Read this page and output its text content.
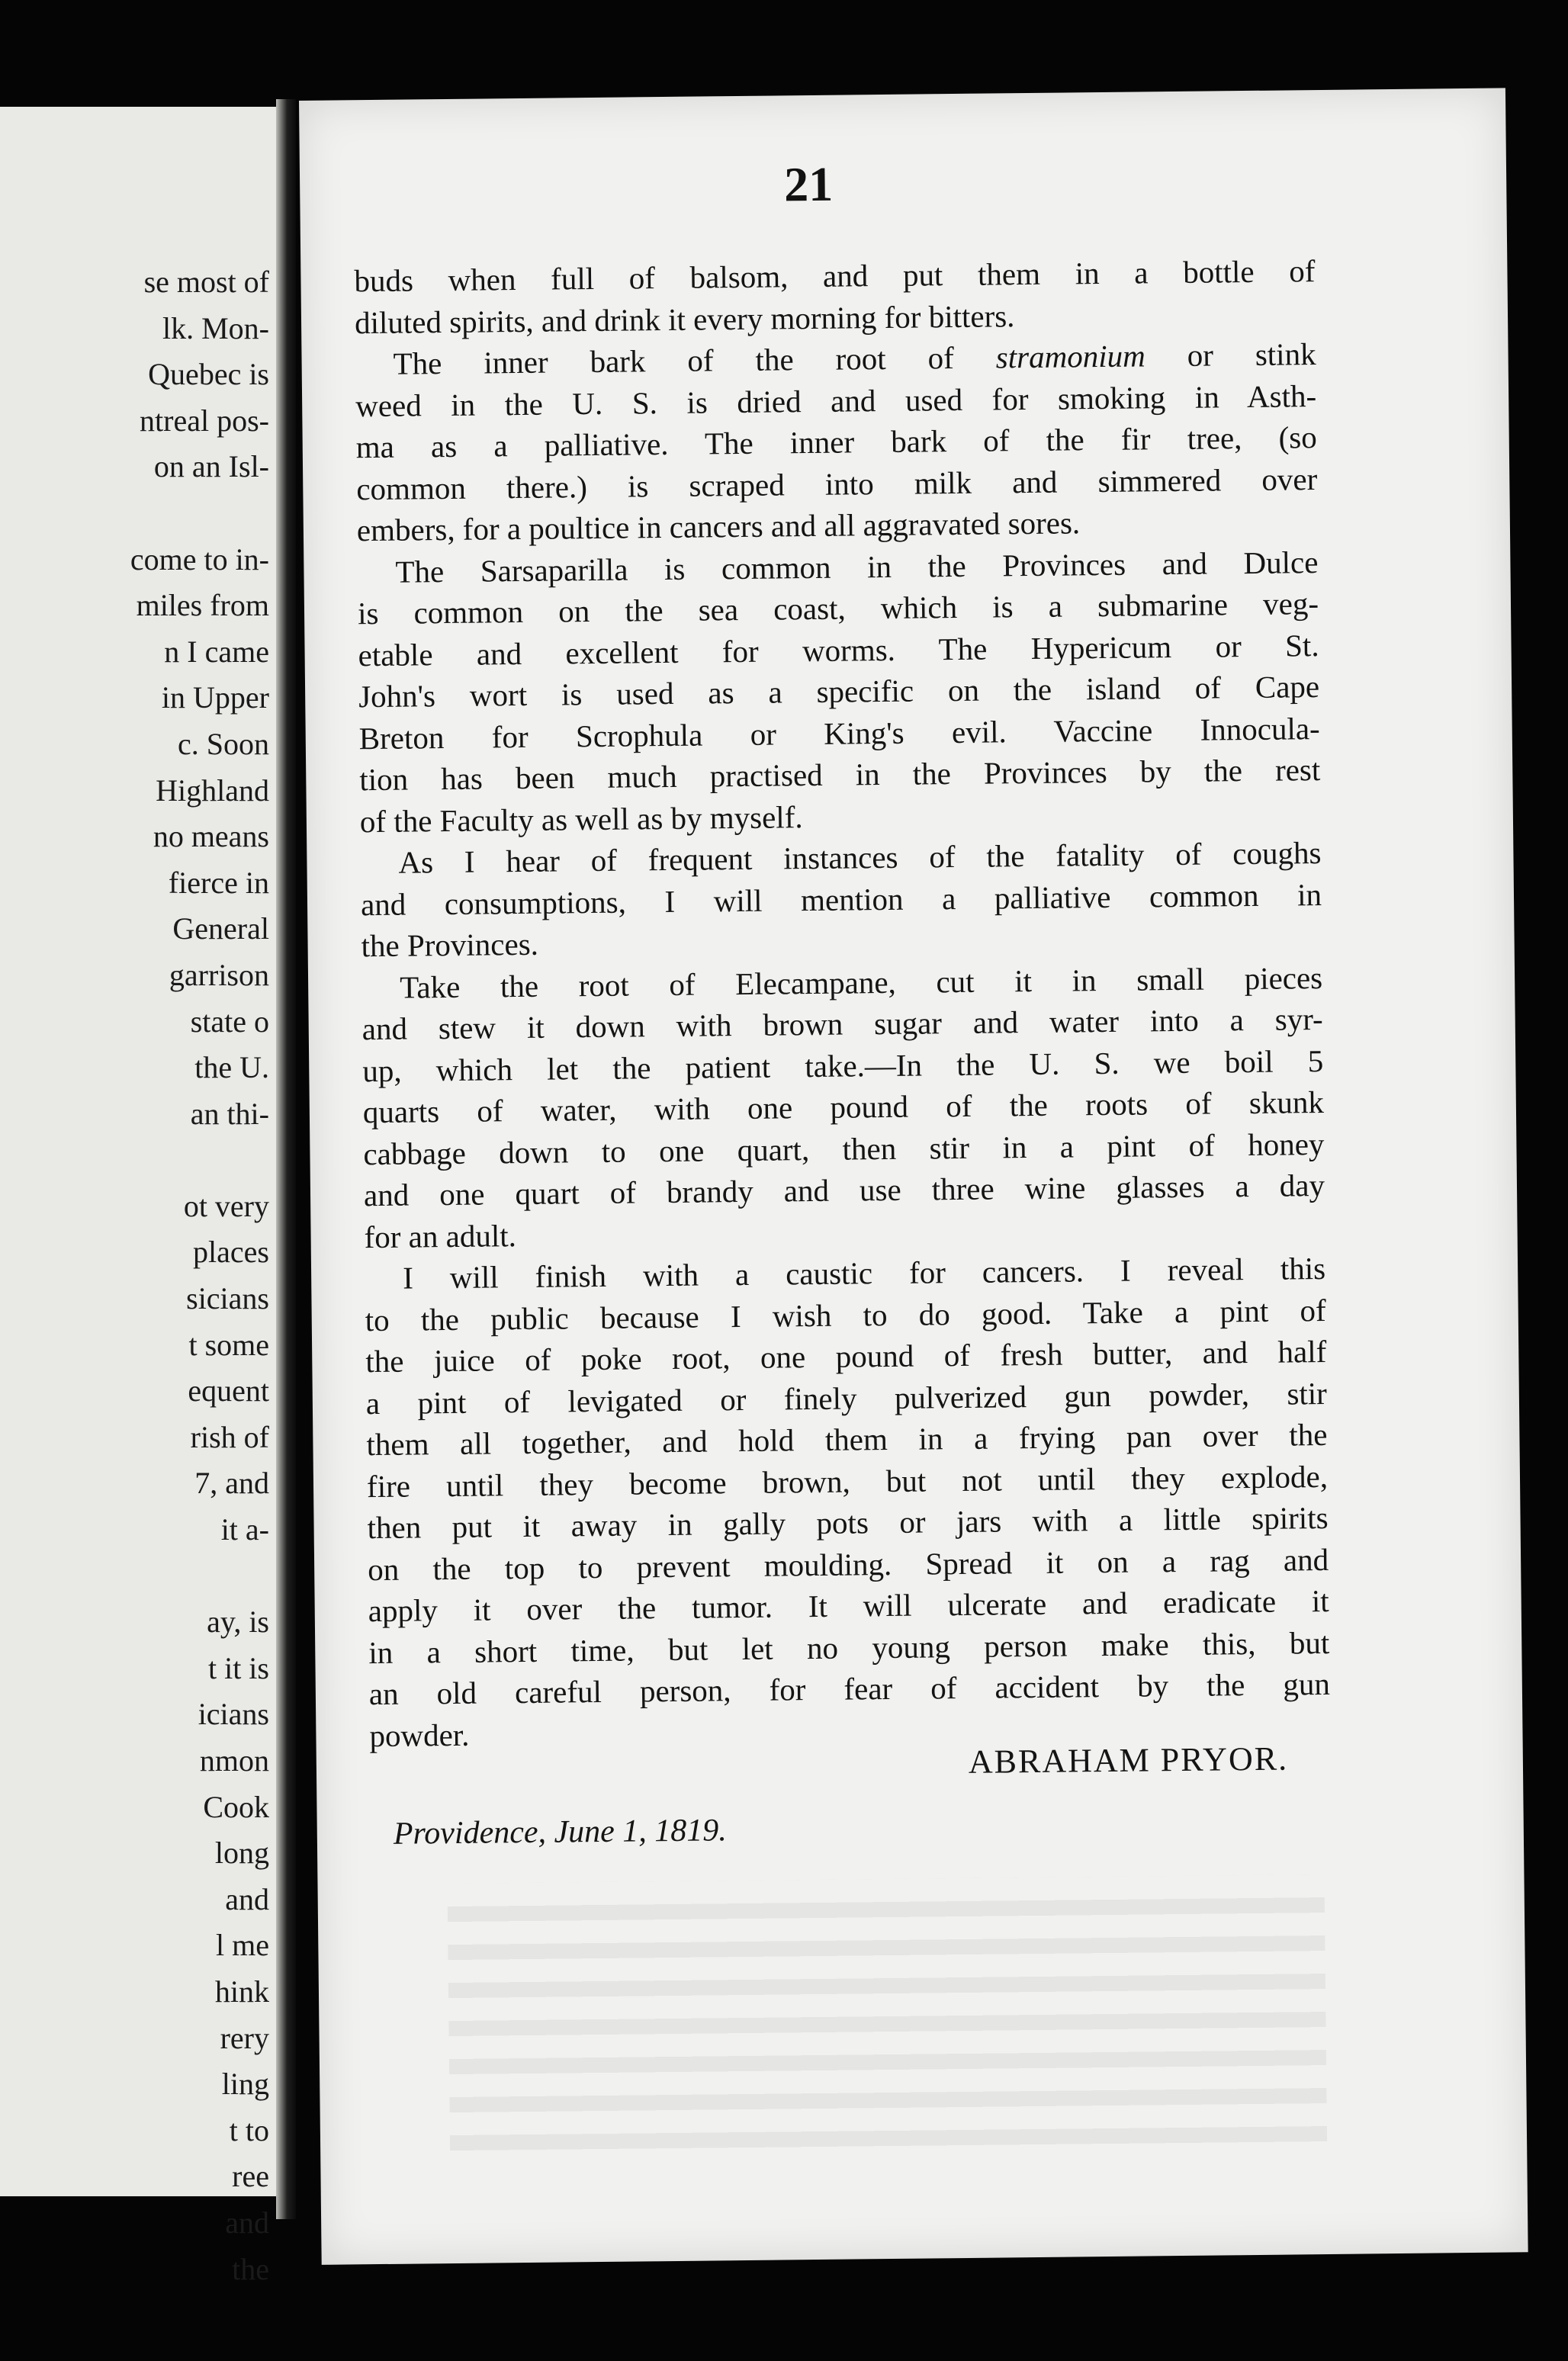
se most of
lk. Mon-
Quebec is
ntreal pos-
on an Isl-

come to in-
miles from
n I came
in Upper
c. Soon
Highland
no means
fierce in
General
garrison
state o
the U.
an thi-

ot very
places
sicians
t some
equent
rish of
7, and
it a-

ay, is
t it is
icians
nmon
Cook
long
and
l me
hink
rery
ling
t to
ree
and
the
21
buds when full of balsom, and put them in a bottle of
diluted spirits, and drink it every morning for bitters.
The inner bark of the root of stramonium or stink
weed in the U. S. is dried and used for smoking in Asth-
ma as a palliative. The inner bark of the fir tree, (so
common there.) is scraped into milk and simmered over
embers, for a poultice in cancers and all aggravated sores.
The Sarsaparilla is common in the Provinces and Dulce
is common on the sea coast, which is a submarine veg-
etable and excellent for worms. The Hypericum or St.
John's wort is used as a specific on the island of Cape
Breton for Scrophula or King's evil. Vaccine Innocula-
tion has been much practised in the Provinces by the rest
of the Faculty as well as by myself.
As I hear of frequent instances of the fatality of coughs
and consumptions, I will mention a palliative common in
the Provinces.
Take the root of Elecampane, cut it in small pieces
and stew it down with brown sugar and water into a syr-
up, which let the patient take.—In the U. S. we boil 5
quarts of water, with one pound of the roots of skunk
cabbage down to one quart, then stir in a pint of honey
and one quart of brandy and use three wine glasses a day
for an adult.
I will finish with a caustic for cancers. I reveal this
to the public because I wish to do good. Take a pint of
the juice of poke root, one pound of fresh butter, and half
a pint of levigated or finely pulverized gun powder, stir
them all together, and hold them in a frying pan over the
fire until they become brown, but not until they explode,
then put it away in gally pots or jars with a little spirits
on the top to prevent moulding. Spread it on a rag and
apply it over the tumor. It will ulcerate and eradicate it
in a short time, but let no young person make this, but
an old careful person, for fear of accident by the gun
powder.
ABRAHAM PRYOR.
Providence, June 1, 1819.
